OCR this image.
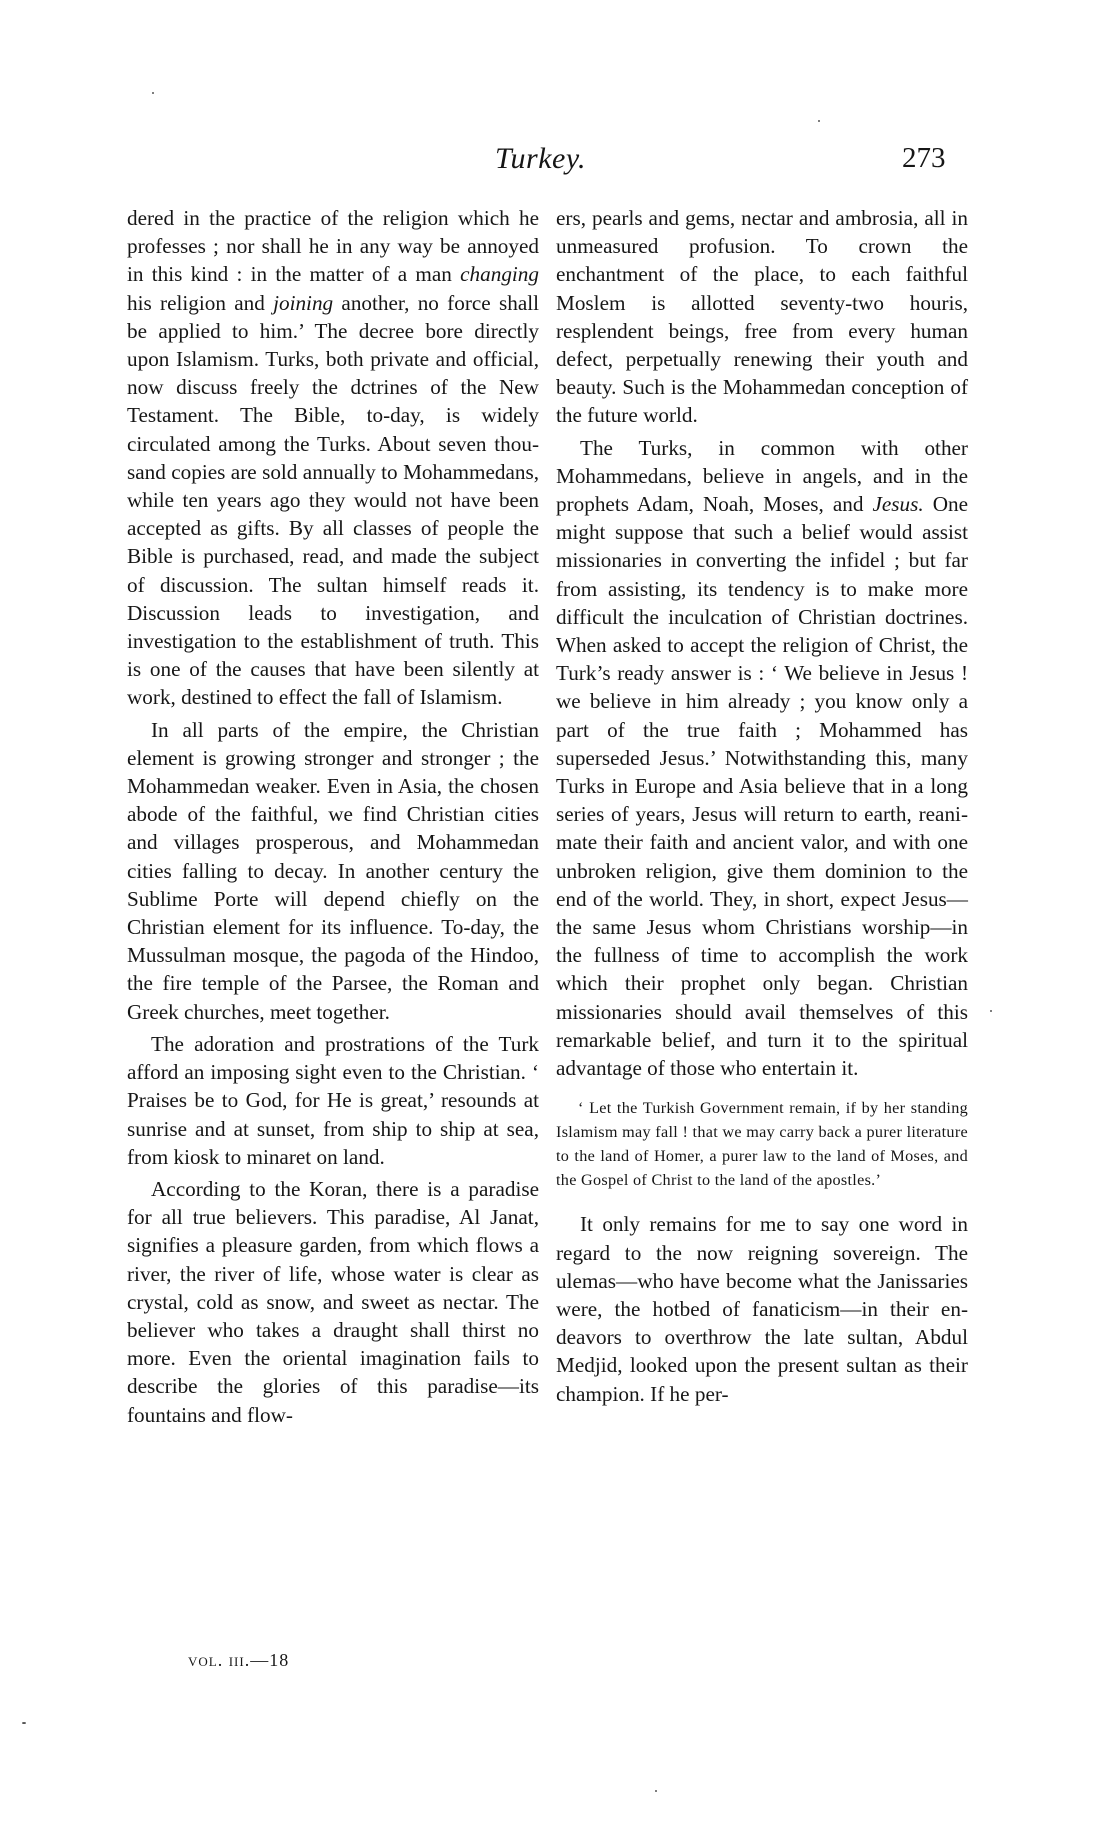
Turkey.	273

dered in the practice of the religion which he professes ; nor shall he in any way be annoyed in this kind : in the matter of a man changing his religion and joining another, no force shall be applied to him.’ The decree bore directly upon Islamism. Turks, both private and official, now discuss freely the dctrines of the New Testament. The Bible, to-day, is widely circulated among the Turks. About seven thousand copies are sold annually to Mohammedans, while ten years ago they would not have been accepted as gifts. By all classes of people the Bible is purchased, read, and made the subject of discussion. The sultan himself reads it. Discussion leads to investigation, and investigation to the establishment of truth. This is one of the causes that have been silently at work, destined to effect the fall of Islamism.

In all parts of the empire, the Christian element is growing stronger and stronger ; the Mohammedan weaker. Even in Asia, the chosen abode of the faithful, we find Christian cities and villages prosperous, and Mohammedan cities falling to decay. In another century the Sublime Porte will depend chiefly on the Christian element for its influence. To-day, the Mussulman mosque, the pagoda of the Hindoo, the fire temple of the Parsee, the Roman and Greek churches, meet together.

The adoration and prostrations of the Turk afford an imposing sight even to the Christian. ‘ Praises be to God, for He is great,’ resounds at sunrise and at sunset, from ship to ship at sea, from kiosk to minaret on land.

According to the Koran, there is a paradise for all true believers. This paradise, Al Janat, signifies a pleasure garden, from which flows a river, the river of life, whose water is clear as crystal, cold as snow, and sweet as nectar. The believer who takes a draught shall thirst no more. Even the oriental imagination fails to describe the glories of this paradise—its fountains and flow-

vol. iii.—18

ers, pearls and gems, nectar and ambrosia, all in unmeasured profusion. To crown the enchantment of the place, to each faithful Moslem is allotted seventy-two houris, resplendent beings, free from every human defect, perpetually renewing their youth and beauty. Such is the Mohammedan conception of the future world.

The Turks, in common with other Mohammedans, believe in angels, and in the prophets Adam, Noah, Moses, and Jesus. One might suppose that such a belief would assist missionaries in converting the infidel ; but far from assisting, its tendency is to make more difficult the inculcation of Christian doctrines. When asked to accept the religion of Christ, the Turk’s ready answer is : ‘ We believe in Jesus ! we believe in him already ; you know only a part of the true faith ; Mohammed has superseded Jesus.’ Notwithstanding this, many Turks in Europe and Asia believe that in a long series of years, Jesus will return to earth, reanimate their faith and ancient valor, and with one unbroken religion, give them dominion to the end of the world. They, in short, expect Jesus—the same Jesus whom Christians worship—in the fullness of time to accomplish the work which their prophet only began. Christian missionaries should avail themselves of this remarkable belief, and turn it to the spiritual advantage of those who entertain it.

‘ Let the Turkish Government remain, if by her standing Islamism may fall ! that we may carry back a purer literature to the land of Homer, a purer law to the land of Moses, and the Gospel of Christ to the land of the apostles.’

It only remains for me to say one word in regard to the now reigning sovereign. The ulemas—who have become what the Janissaries were, the hotbed of fanaticism—in their endeavors to overthrow the late sultan, Abdul Medjid, looked upon the present sultan as their champion. If he per-
